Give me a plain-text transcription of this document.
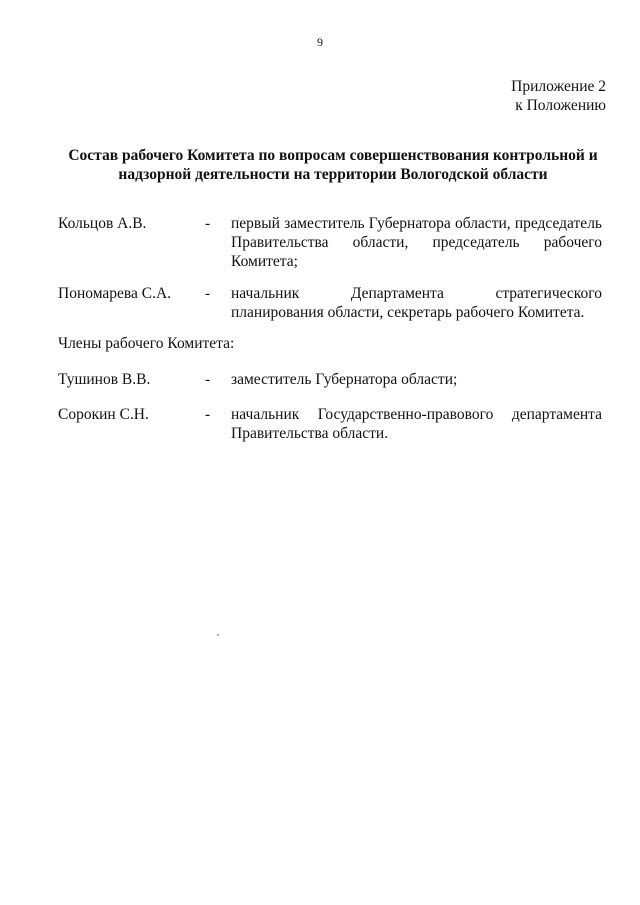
9
Приложение 2
к Положению
Состав рабочего Комитета по вопросам совершенствования контрольной и
надзорной деятельности на территории Вологодской области
Кольцов А.В.	- первый заместитель Губернатора области, председатель Правительства области, председатель рабочего Комитета;
Пономарева С.А.	- начальник Департамента стратегического планирования области, секретарь рабочего Комитета.
Члены рабочего Комитета:
Тушинов В.В.	- заместитель Губернатора области;
Сорокин С.Н.	- начальник Государственно-правового департамента Правительства области.
